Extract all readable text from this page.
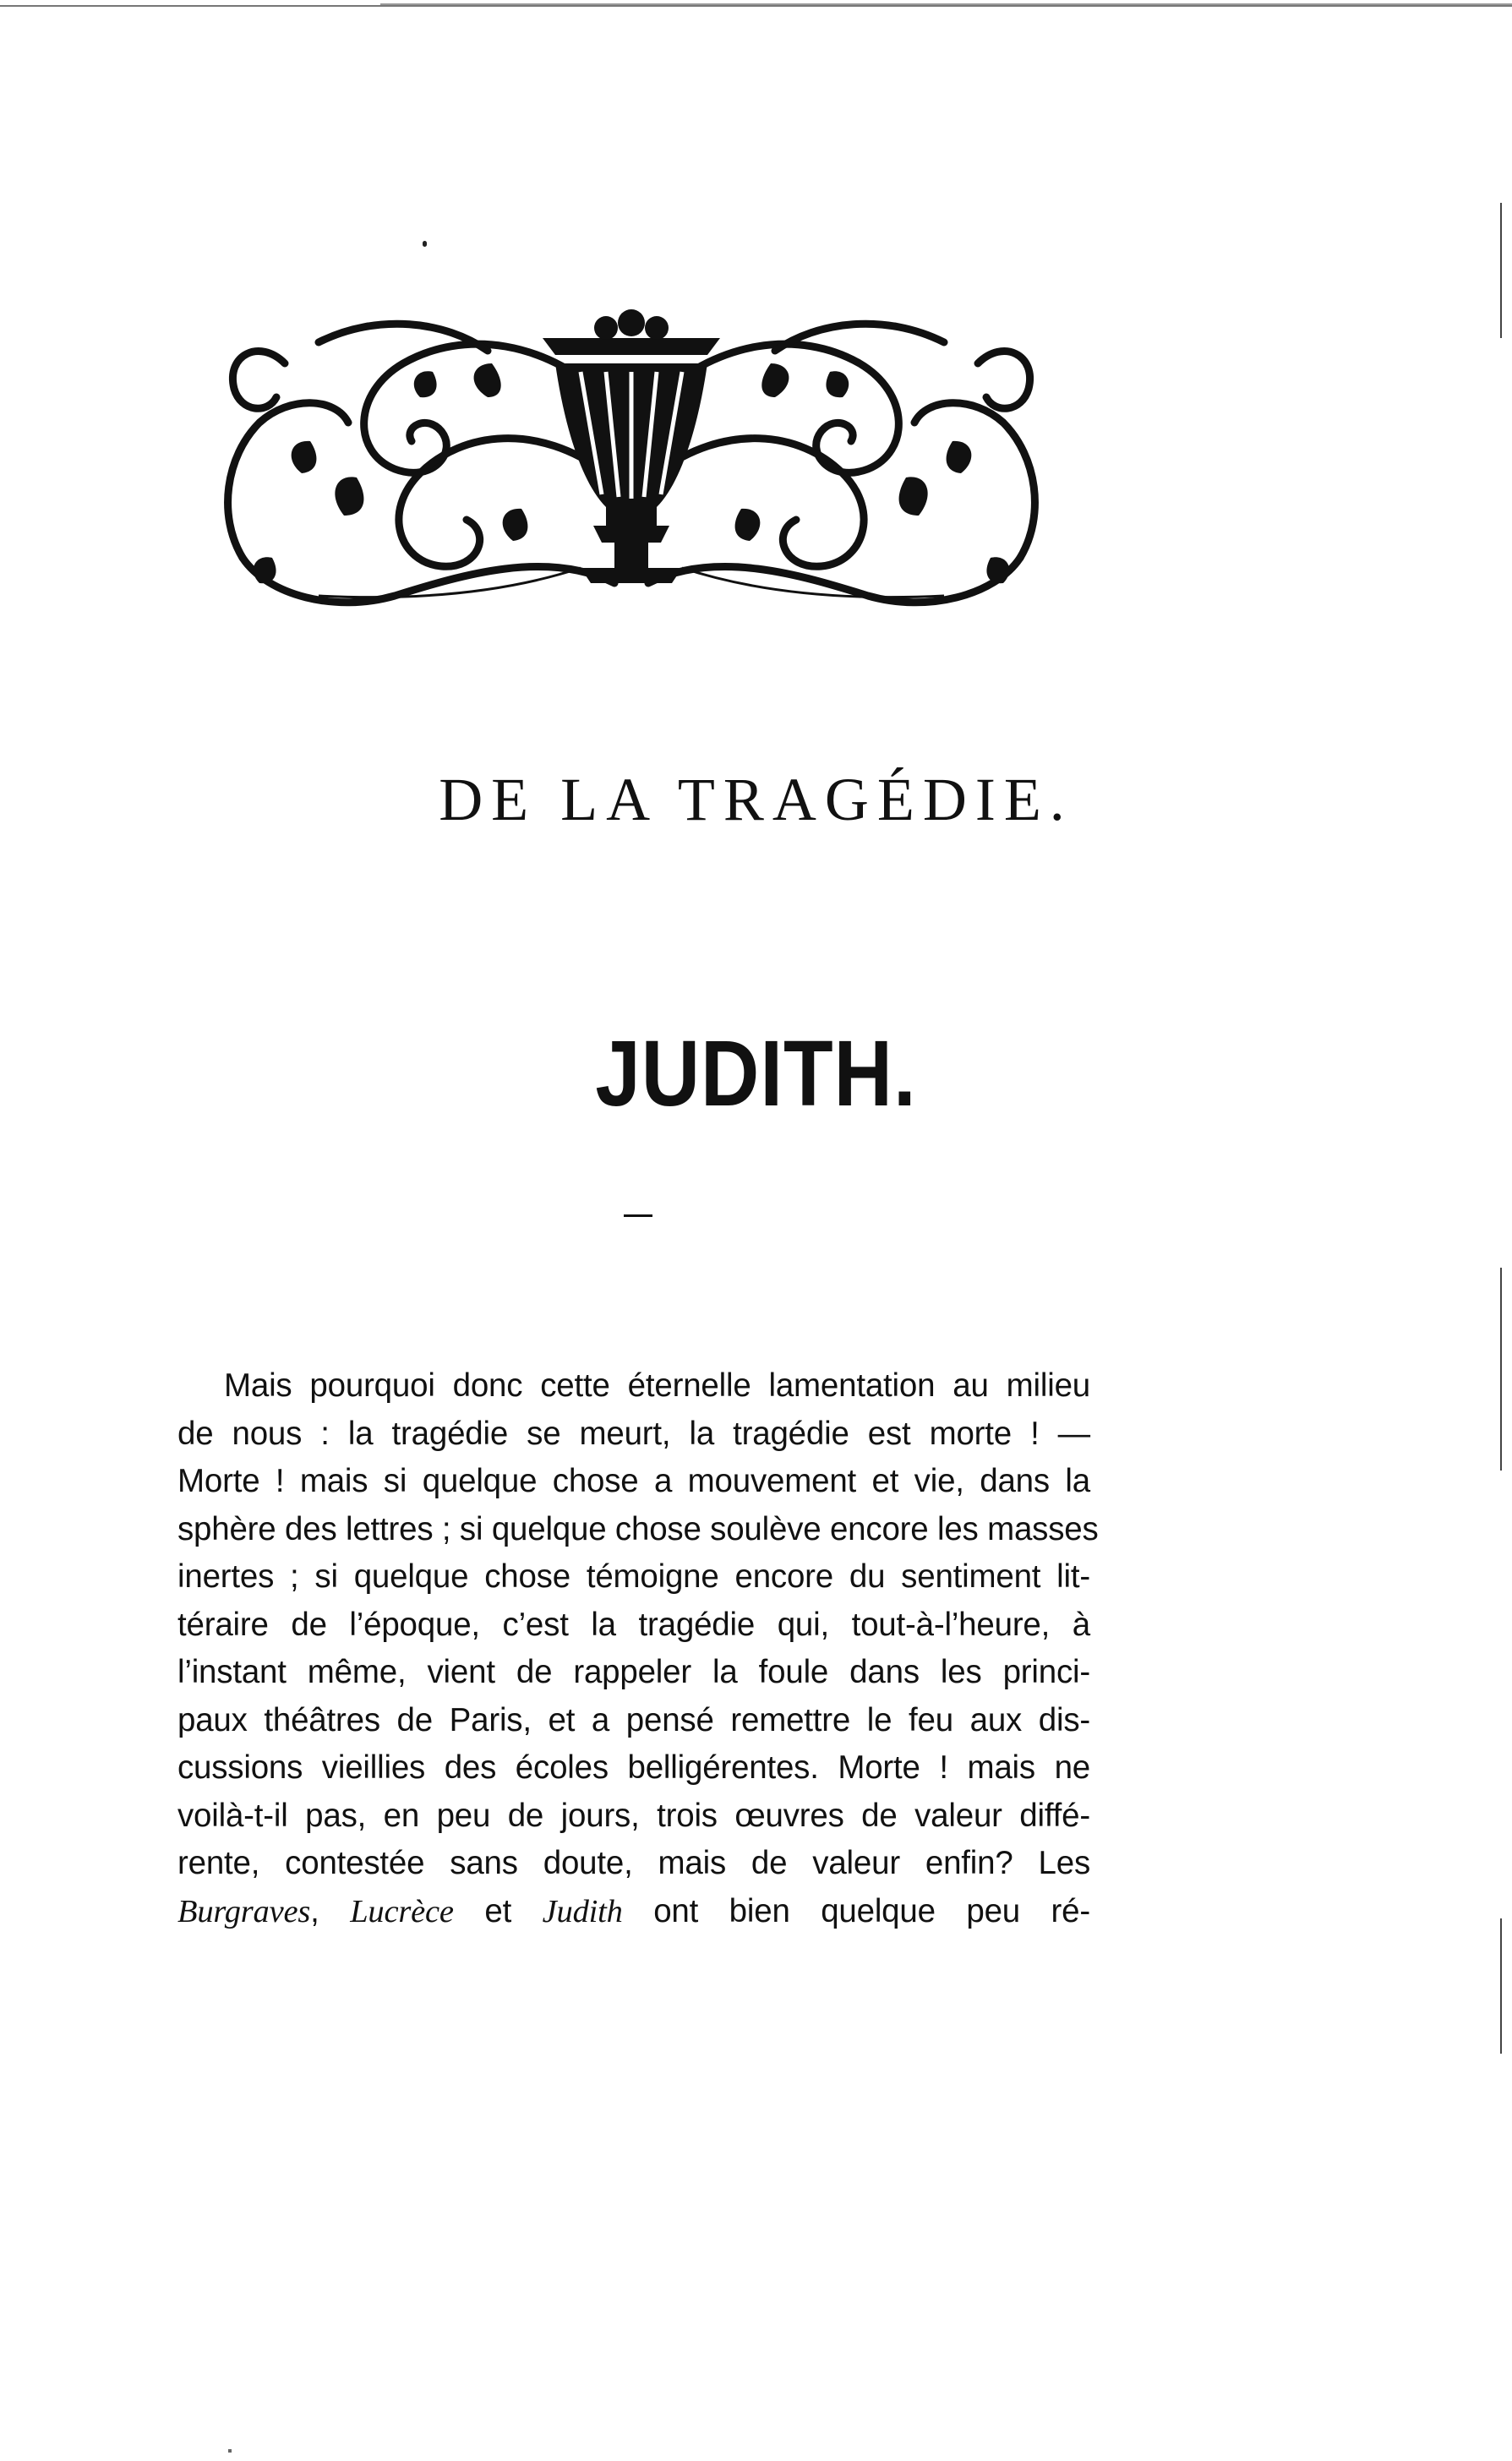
DE LA TRAGÉDIE.
JUDITH.

Mais pourquoi donc cette éternelle lamentation au milieu
de nous : la tragédie se meurt, la tragédie est morte ! —
Morte ! mais si quelque chose a mouvement et vie, dans la
sphère des lettres ; si quelque chose soulève encore les masses
inertes ; si quelque chose témoigne encore du sentiment lit-
téraire de l’époque, c’est la tragédie qui, tout-à-l’heure, à
l’instant même, vient de rappeler la foule dans les princi-
paux théâtres de Paris, et a pensé remettre le feu aux dis-
cussions vieillies des écoles belligérentes. Morte ! mais ne
voilà-t-il pas, en peu de jours, trois œuvres de valeur diffé-
rente, contestée sans doute, mais de valeur enfin? Les
Burgraves, Lucrèce et Judith ont bien quelque peu ré-
